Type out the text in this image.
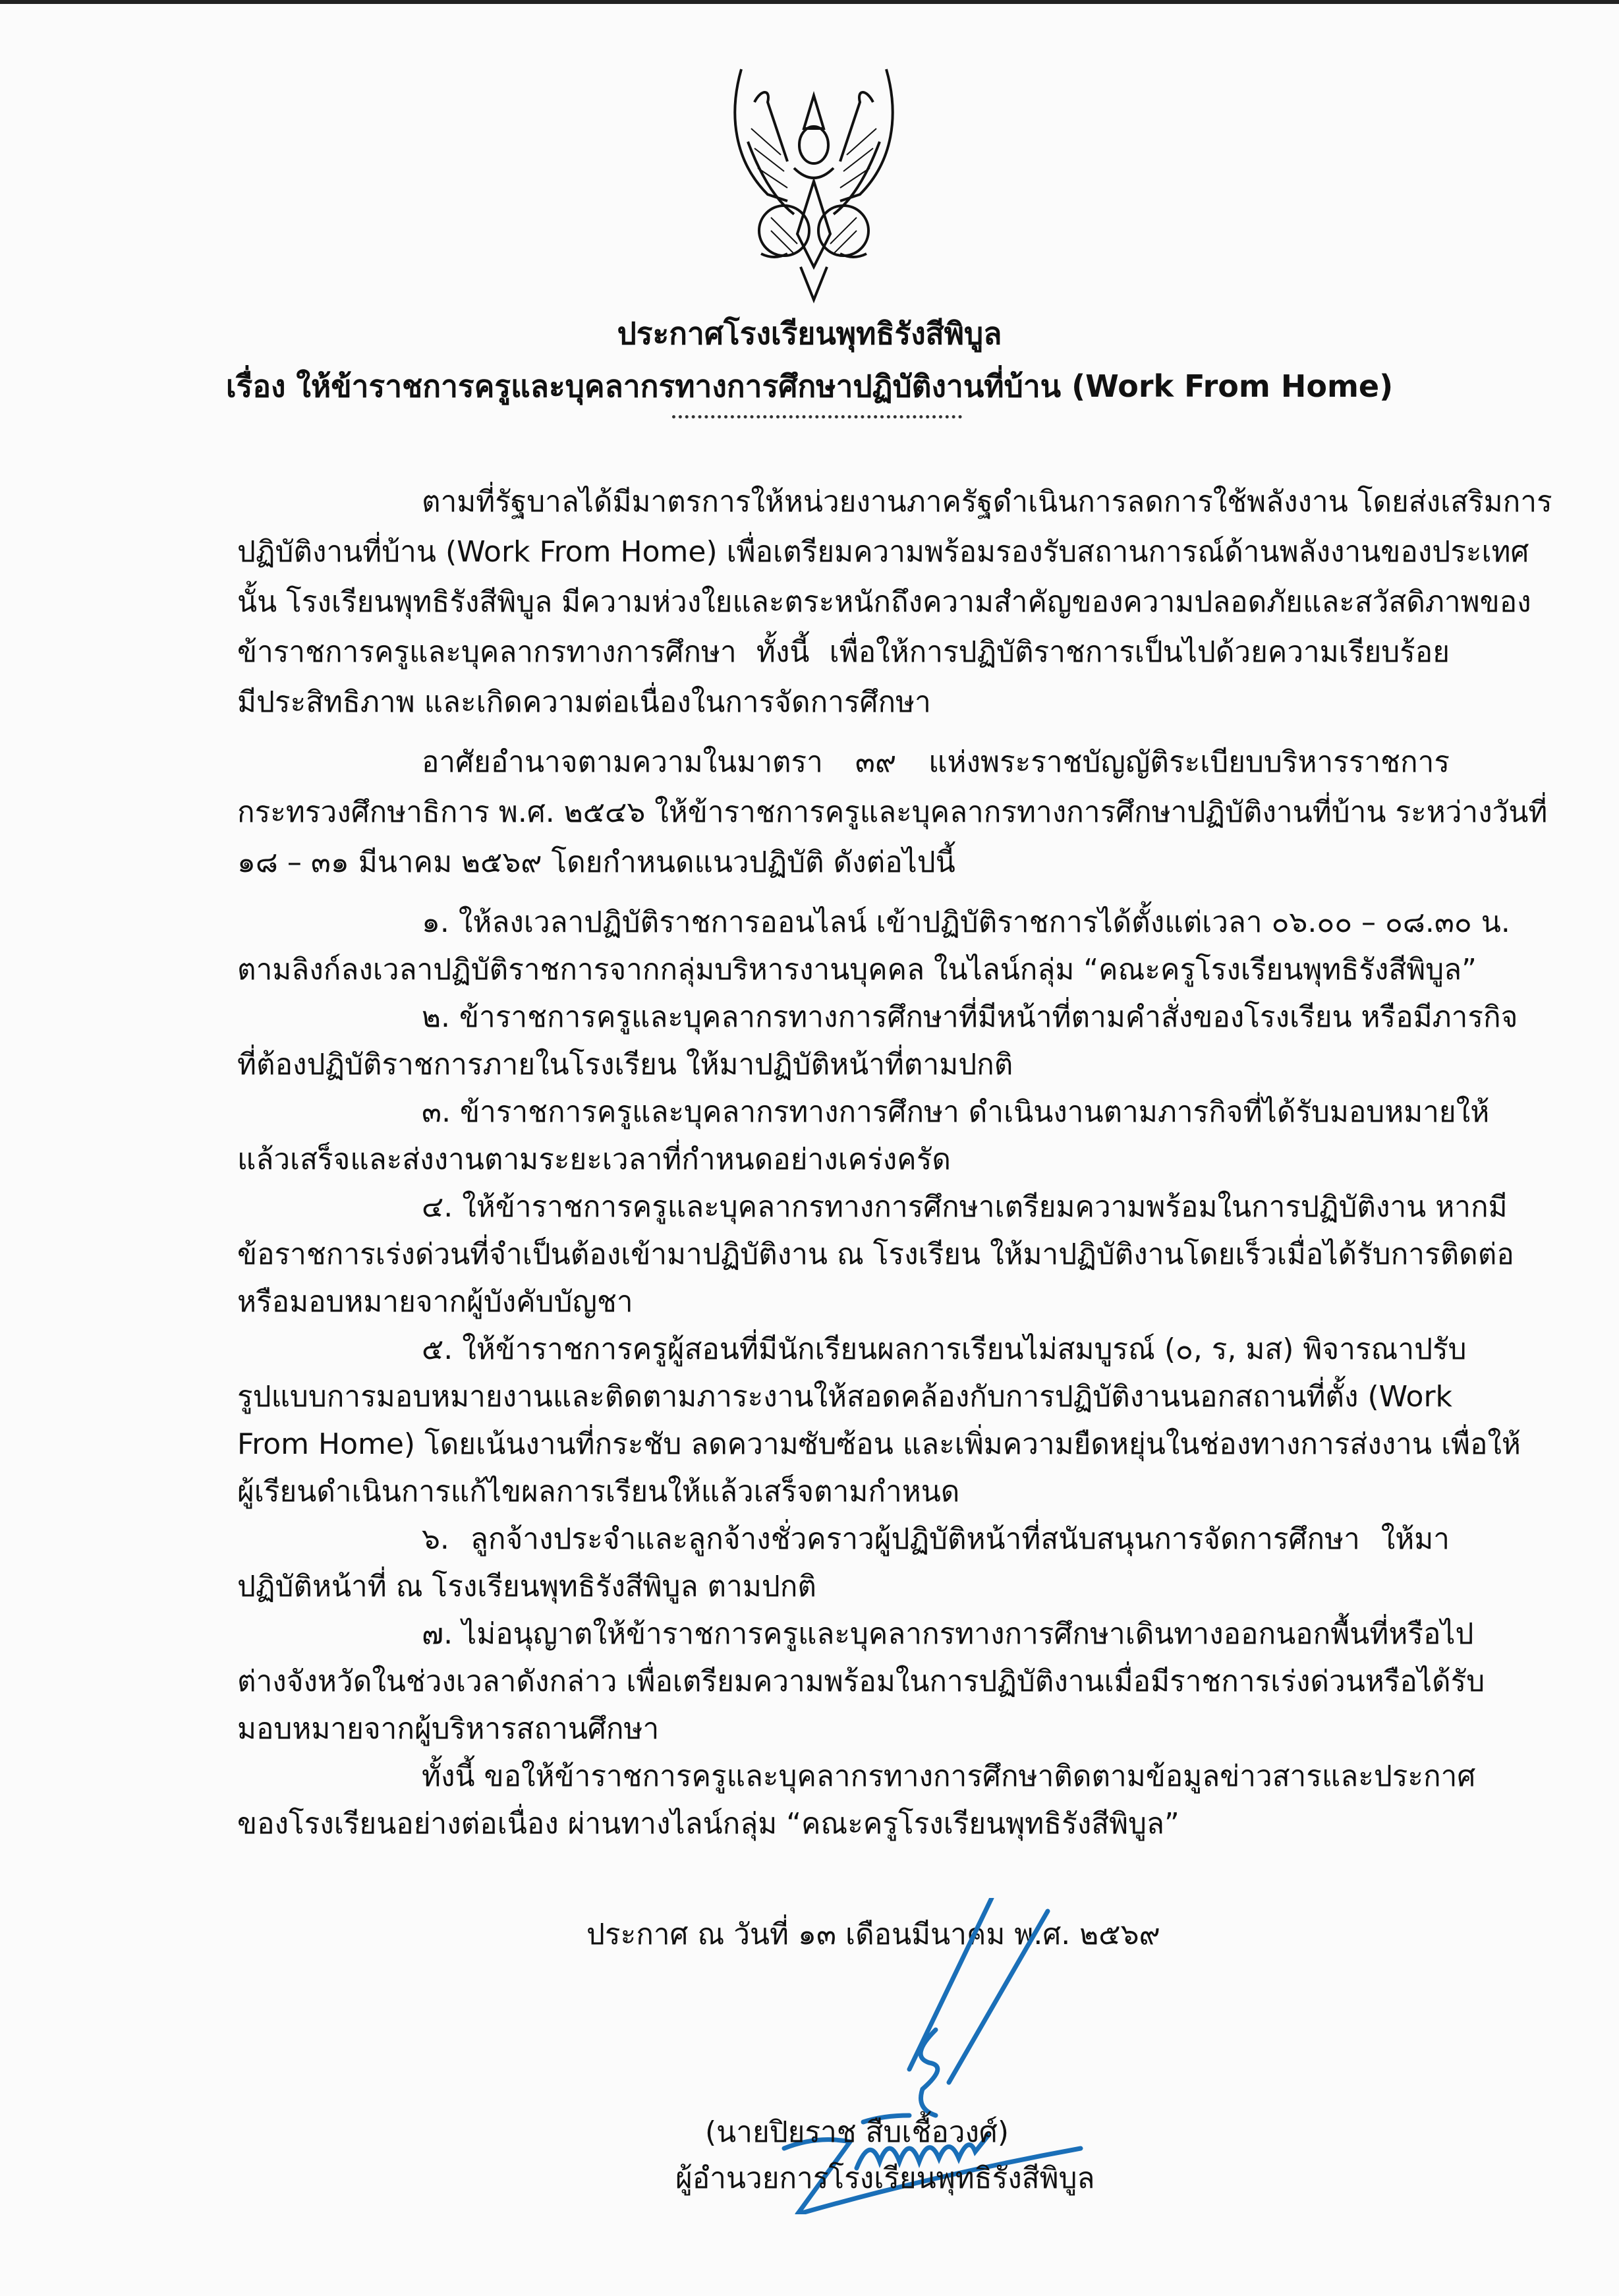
ประกาศโรงเรียนพุทธิรังสีพิบูล
เรื่อง ให้ข้าราชการครูและบุคลากรทางการศึกษาปฏิบัติงานที่บ้าน (Work From Home)
ตามที่รัฐบาลได้มีมาตรการให้หน่วยงานภาครัฐดำเนินการลดการใช้พลังงาน โดยส่งเสริมการ
ปฏิบัติงานที่บ้าน (Work From Home) เพื่อเตรียมความพร้อมรองรับสถานการณ์ด้านพลังงานของประเทศ
นั้น โรงเรียนพุทธิรังสีพิบูล มีความห่วงใยและตระหนักถึงความสำคัญของความปลอดภัยและสวัสดิภาพของ
ข้าราชการครูและบุคลากรทางการศึกษา ทั้งนี้ เพื่อให้การปฏิบัติราชการเป็นไปด้วยความเรียบร้อย
มีประสิทธิภาพ และเกิดความต่อเนื่องในการจัดการศึกษา
อาศัยอำนาจตามความในมาตรา ๓๙ แห่งพระราชบัญญัติระเบียบบริหารราชการ
กระทรวงศึกษาธิการ พ.ศ. ๒๕๔๖ ให้ข้าราชการครูและบุคลากรทางการศึกษาปฏิบัติงานที่บ้าน ระหว่างวันที่
๑๘ – ๓๑ มีนาคม ๒๕๖๙ โดยกำหนดแนวปฏิบัติ ดังต่อไปนี้
๑. ให้ลงเวลาปฏิบัติราชการออนไลน์ เข้าปฏิบัติราชการได้ตั้งแต่เวลา ๐๖.๐๐ – ๐๘.๓๐ น.
ตามลิงก์ลงเวลาปฏิบัติราชการจากกลุ่มบริหารงานบุคคล ในไลน์กลุ่ม “คณะครูโรงเรียนพุทธิรังสีพิบูล”
๒. ข้าราชการครูและบุคลากรทางการศึกษาที่มีหน้าที่ตามคำสั่งของโรงเรียน หรือมีภารกิจ
ที่ต้องปฏิบัติราชการภายในโรงเรียน ให้มาปฏิบัติหน้าที่ตามปกติ
๓. ข้าราชการครูและบุคลากรทางการศึกษา ดำเนินงานตามภารกิจที่ได้รับมอบหมายให้
แล้วเสร็จและส่งงานตามระยะเวลาที่กำหนดอย่างเคร่งครัด
๔. ให้ข้าราชการครูและบุคลากรทางการศึกษาเตรียมความพร้อมในการปฏิบัติงาน หากมี
ข้อราชการเร่งด่วนที่จำเป็นต้องเข้ามาปฏิบัติงาน ณ โรงเรียน ให้มาปฏิบัติงานโดยเร็วเมื่อได้รับการติดต่อ
หรือมอบหมายจากผู้บังคับบัญชา
๕. ให้ข้าราชการครูผู้สอนที่มีนักเรียนผลการเรียนไม่สมบูรณ์ (๐, ร, มส) พิจารณาปรับ
รูปแบบการมอบหมายงานและติดตามภาระงานให้สอดคล้องกับการปฏิบัติงานนอกสถานที่ตั้ง (Work
From Home) โดยเน้นงานที่กระชับ ลดความซับซ้อน และเพิ่มความยืดหยุ่นในช่องทางการส่งงาน เพื่อให้
ผู้เรียนดำเนินการแก้ไขผลการเรียนให้แล้วเสร็จตามกำหนด
๖. ลูกจ้างประจำและลูกจ้างชั่วคราวผู้ปฏิบัติหน้าที่สนับสนุนการจัดการศึกษา ให้มา
ปฏิบัติหน้าที่ ณ โรงเรียนพุทธิรังสีพิบูล ตามปกติ
๗. ไม่อนุญาตให้ข้าราชการครูและบุคลากรทางการศึกษาเดินทางออกนอกพื้นที่หรือไป
ต่างจังหวัดในช่วงเวลาดังกล่าว เพื่อเตรียมความพร้อมในการปฏิบัติงานเมื่อมีราชการเร่งด่วนหรือได้รับ
มอบหมายจากผู้บริหารสถานศึกษา
ทั้งนี้ ขอให้ข้าราชการครูและบุคลากรทางการศึกษาติดตามข้อมูลข่าวสารและประกาศ
ของโรงเรียนอย่างต่อเนื่อง ผ่านทางไลน์กลุ่ม “คณะครูโรงเรียนพุทธิรังสีพิบูล”
ประกาศ ณ วันที่ ๑๓ เดือนมีนาคม พ.ศ. ๒๕๖๙
(นายปิยราช สืบเชื้อวงศ์)
ผู้อำนวยการโรงเรียนพุทธิรังสีพิบูล
